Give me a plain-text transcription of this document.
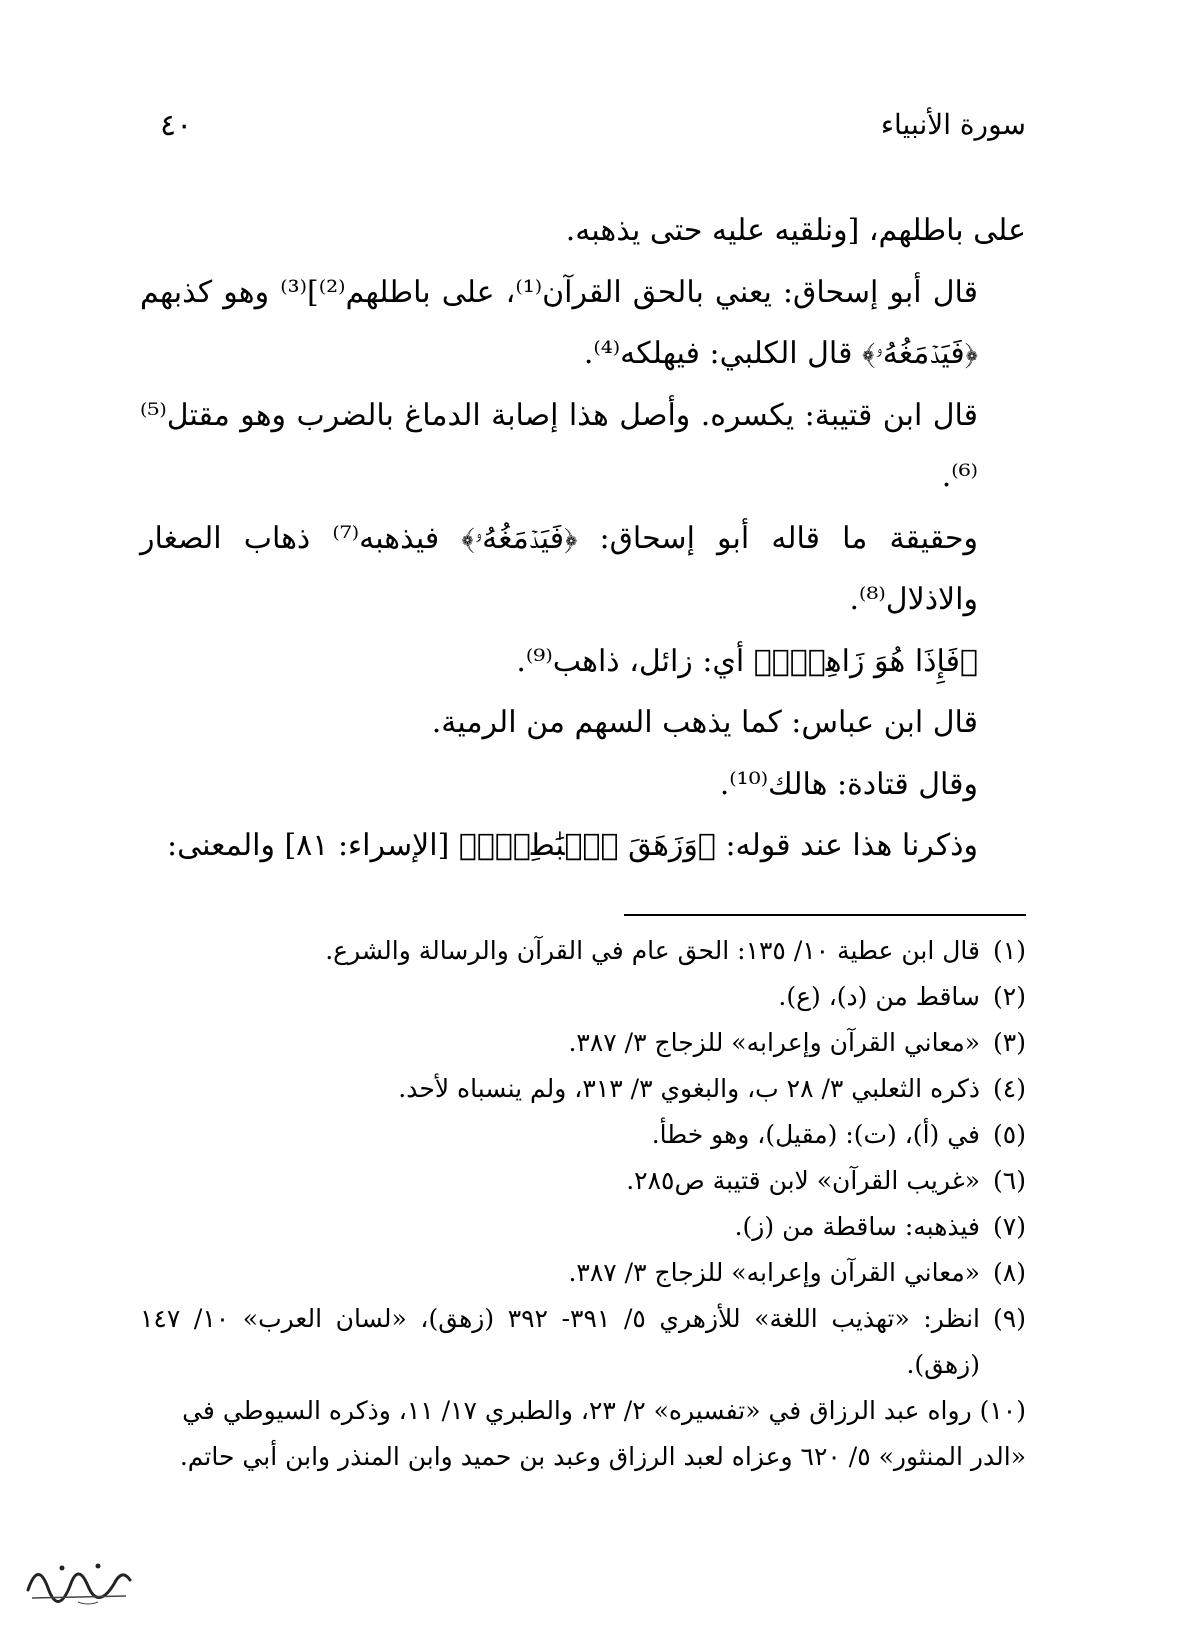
٤٠	سورة الأنبياء

على باطلهم، [ونلقيه عليه حتى يذهبه.

قال أبو إسحاق: يعني بالحق القرآن⁽¹⁾، على باطلهم⁽²⁾]⁽³⁾ وهو كذبهم ﴿فَيَدۡمَغُهُۥ﴾ قال الكلبي: فيهلكه⁽⁴⁾.

قال ابن قتيبة: يكسره. وأصل هذا إصابة الدماغ بالضرب وهو مقتل⁽⁵⁾⁽⁶⁾.

وحقيقة ما قاله أبو إسحاق: ﴿فَيَدۡمَغُهُۥ﴾ فيذهبه⁽⁷⁾ ذهاب الصغار والاذلال⁽⁸⁾.

﴿فَإِذَا هُوَ زَاهِقٞۚ﴾ أي: زائل، ذاهب⁽⁹⁾.

قال ابن عباس: كما يذهب السهم من الرمية.

وقال قتادة: هالك⁽¹⁰⁾.

وذكرنا هذا عند قوله: ﴿وَزَهَقَ ٱلۡبَٰطِلُۚ﴾ [الإسراء: ٨١] والمعنى:

(١)
قال ابن عطية ١٠/ ١٣٥: الحق عام في القرآن والرسالة والشرع.
(٢)
ساقط من (د)، (ع).
(٣)
«معاني القرآن وإعرابه» للزجاج ٣/ ٣٨٧.
(٤)
ذكره الثعلبي ٣/ ٢٨ ب، والبغوي ٣/ ٣١٣، ولم ينسباه لأحد.
(٥)
في (أ)، (ت): (مقيل)، وهو خطأ.
(٦)
«غريب القرآن» لابن قتيبة ص٢٨٥.
(٧)
فيذهبه: ساقطة من (ز).
(٨)
«معاني القرآن وإعرابه» للزجاج ٣/ ٣٨٧.
(٩)
انظر: «تهذيب اللغة» للأزهري ٥/ ٣٩١- ٣٩٢ (زهق)، «لسان العرب» ١٠/ ١٤٧ (زهق).
(١٠) رواه عبد الرزاق في «تفسيره» ٢/ ٢٣، والطبري ١٧/ ١١، وذكره السيوطي في «الدر المنثور» ٥/ ٦٢٠ وعزاه لعبد الرزاق وعبد بن حميد وابن المنذر وابن أبي حاتم.
